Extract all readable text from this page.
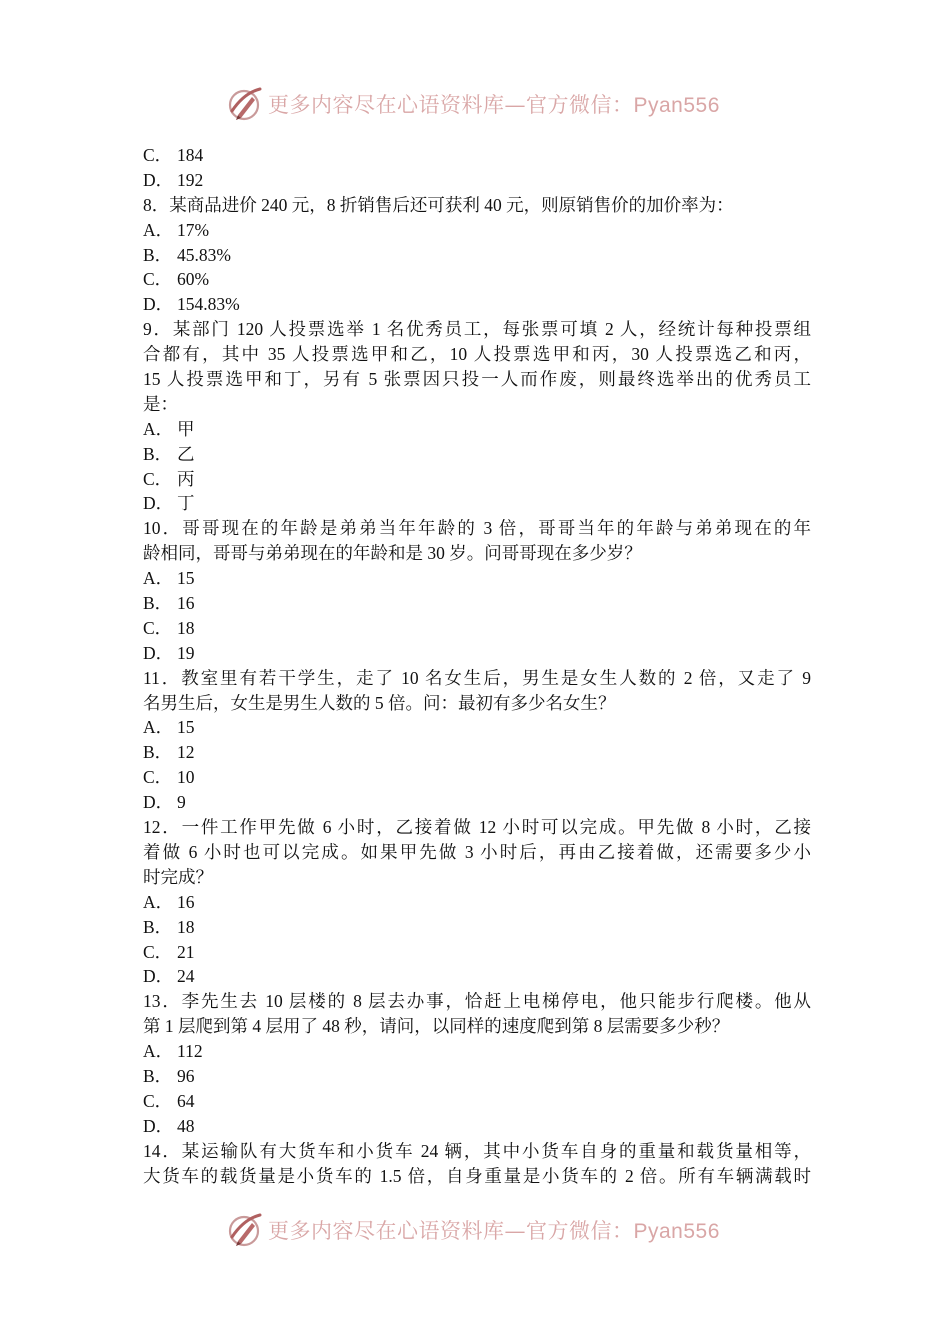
更多内容尽在心语资料库—官方微信：Pyan556
C． 184
D． 192
8．某商品进价 240 元，8 折销售后还可获利 40 元，则原销售价的加价率为：
A． 17%
B． 45.83%
C． 60%
D． 154.83%
9．某部门 120 人投票选举 1 名优秀员工，每张票可填 2 人，经统计每种投票组
合都有，其中 35 人投票选甲和乙，10 人投票选甲和丙，30 人投票选乙和丙，
15 人投票选甲和丁，另有 5 张票因只投一人而作废，则最终选举出的优秀员工
是：
A． 甲
B． 乙
C． 丙
D． 丁
10．哥哥现在的年龄是弟弟当年年龄的 3 倍，哥哥当年的年龄与弟弟现在的年
龄相同，哥哥与弟弟现在的年龄和是 30 岁。问哥哥现在多少岁？
A． 15
B． 16
C． 18
D． 19
11．教室里有若干学生，走了 10 名女生后，男生是女生人数的 2 倍，又走了 9
名男生后，女生是男生人数的 5 倍。问：最初有多少名女生？
A． 15
B． 12
C． 10
D． 9
12．一件工作甲先做 6 小时，乙接着做 12 小时可以完成。甲先做 8 小时，乙接
着做 6 小时也可以完成。如果甲先做 3 小时后，再由乙接着做，还需要多少小
时完成？
A． 16
B． 18
C． 21
D． 24
13．李先生去 10 层楼的 8 层去办事，恰赶上电梯停电，他只能步行爬楼。他从
第 1 层爬到第 4 层用了 48 秒，请问，以同样的速度爬到第 8 层需要多少秒？
A． 112
B． 96
C． 64
D． 48
14．某运输队有大货车和小货车 24 辆，其中小货车自身的重量和载货量相等，
大货车的载货量是小货车的 1.5 倍，自身重量是小货车的 2 倍。所有车辆满载时
更多内容尽在心语资料库—官方微信：Pyan556
